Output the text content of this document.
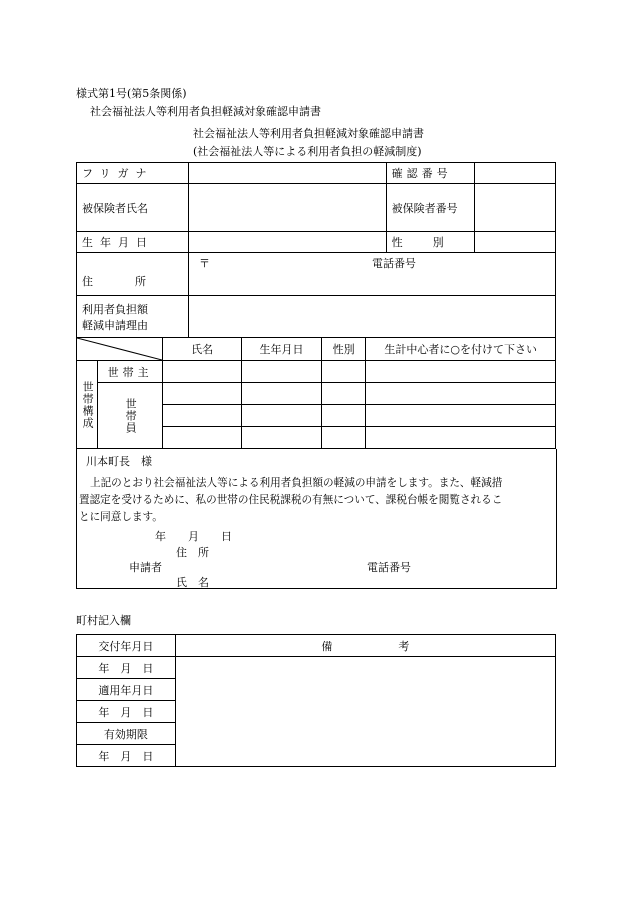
様式第1号(第5条関係)
社会福祉法人等利用者負担軽減対象確認申請書
社会福祉法人等利用者負担軽減対象確認申請書
(社会福祉法人等による利用者負担の軽減制度)
フリガナ		確認番号	
被保険者氏名		被保険者番号	
生年月日		性別	
住所	〒 電話番号		

利用者負担額
軽減申請理由			

	氏名	生年月日	性別	生計中心者に○を付けて下さい

世帯構成	世帯主				

	世帯員				

川本町長　様
上記のとおり社会福祉法人等による利用者負担額の軽減の申請をします。また、軽減措
置認定を受けるために、私の世帯の住民税課税の有無について、課税台帳を閲覧されるこ
とに同意します。
年　　月　　日
住　所
申請者	電話番号
氏　名
町村記入欄
交付年月日	備　　　　　　考
年　月　日	
適用年月日	
年　月　日	
有効期限	
年　月　日	
